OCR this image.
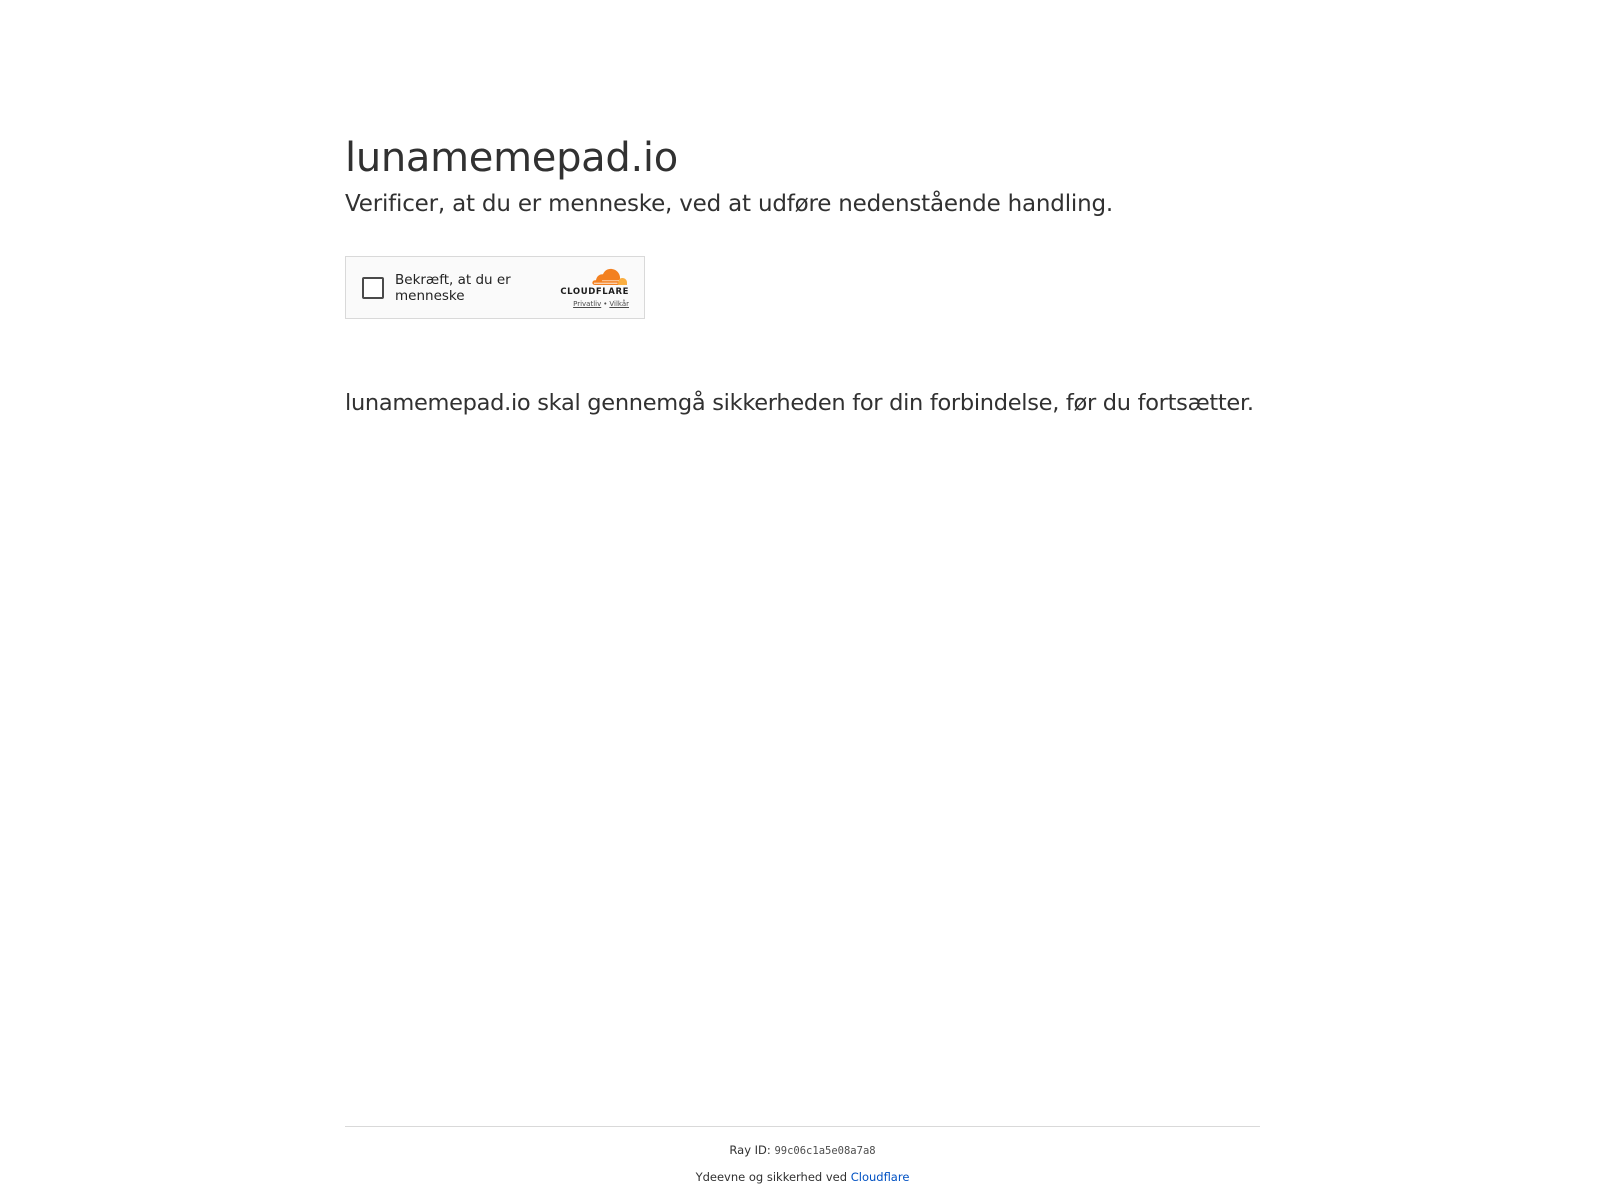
lunamemepad.io
Verificer, at du er menneske, ved at udføre nedenstående handling.
Bekræft, at du er menneske	CLOUDFLARE
Privatliv • Vilkår
lunamemepad.io skal gennemgå sikkerheden for din forbindelse, før du fortsætter.
Ray ID: 99c06c1a5e08a7a8
Ydeevne og sikkerhed ved Cloudflare
